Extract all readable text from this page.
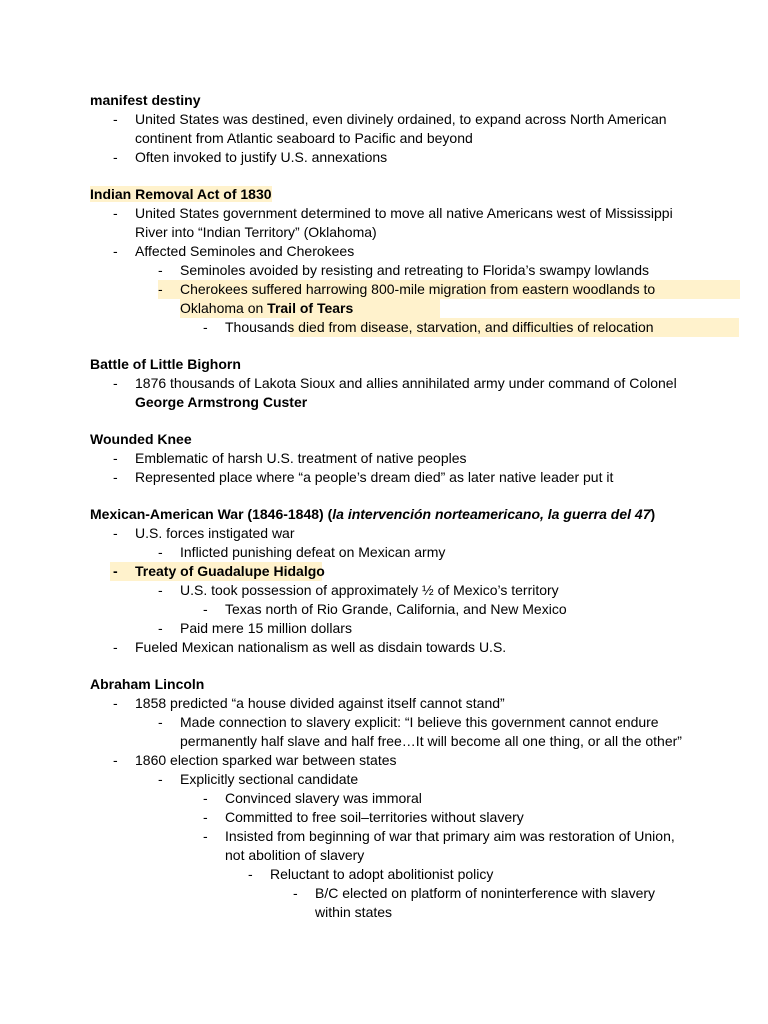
manifest destiny
-	United States was destined, even divinely ordained, to expand across North American
continent from Atlantic seaboard to Pacific and beyond
-	Often invoked to justify U.S. annexations
Indian Removal Act of 1830
-	United States government determined to move all native Americans west of Mississippi
River into “Indian Territory” (Oklahoma)
-	Affected Seminoles and Cherokees
-	Seminoles avoided by resisting and retreating to Florida’s swampy lowlands
-	Cherokees suffered harrowing 800-mile migration from eastern woodlands to
Oklahoma on Trail of Tears
-	Thousands died from disease, starvation, and difficulties of relocation
Battle of Little Bighorn
-	1876 thousands of Lakota Sioux and allies annihilated army under command of Colonel
George Armstrong Custer
Wounded Knee
-	Emblematic of harsh U.S. treatment of native peoples
-	Represented place where “a people’s dream died” as later native leader put it
Mexican-American War (1846-1848) (la intervención norteamericano, la guerra del 47)
-	U.S. forces instigated war
-	Inflicted punishing defeat on Mexican army
-	Treaty of Guadalupe Hidalgo
-	U.S. took possession of approximately ½ of Mexico’s territory
-	Texas north of Rio Grande, California, and New Mexico
-	Paid mere 15 million dollars
-	Fueled Mexican nationalism as well as disdain towards U.S.
Abraham Lincoln
-	1858 predicted “a house divided against itself cannot stand”
-	Made connection to slavery explicit: “I believe this government cannot endure
permanently half slave and half free…It will become all one thing, or all the other”
-	1860 election sparked war between states
-	Explicitly sectional candidate
-	Convinced slavery was immoral
-	Committed to free soil–territories without slavery
-	Insisted from beginning of war that primary aim was restoration of Union,
not abolition of slavery
-	Reluctant to adopt abolitionist policy
-	B/C elected on platform of noninterference with slavery
within states
